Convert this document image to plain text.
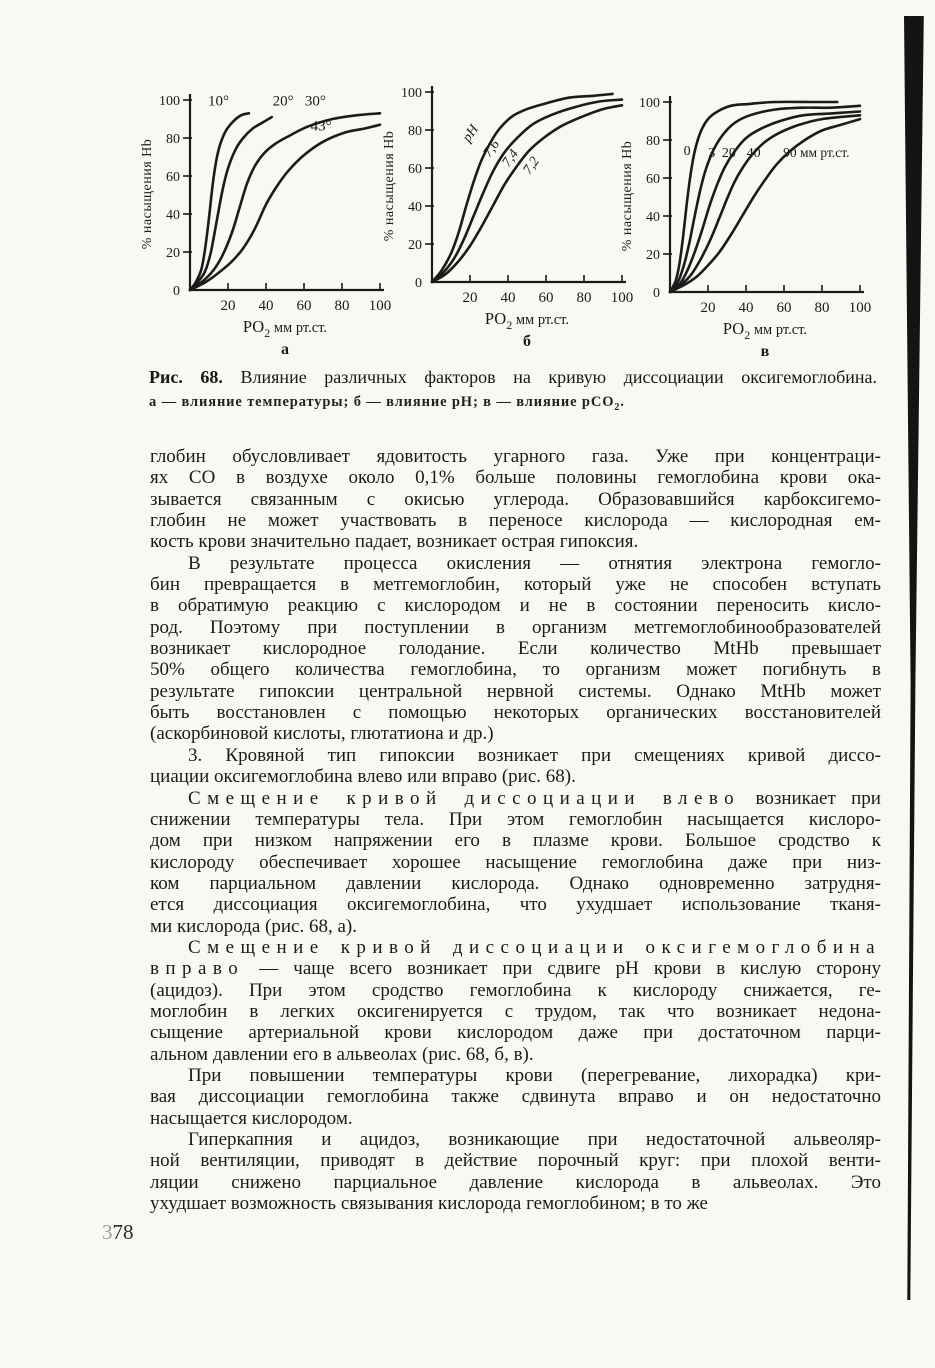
0
20
40
60
80
100
20 40 60 80 100
% насыщения Hb
10°	20° 30°
43°
$РО_2$ мм рт.ст.
а
0
20
40
60
80
100
20 40 60 80 100
% насыщения Hb	pH
7,6
7,4
7,2
$РО_2$ мм рт.ст.
б
0
20
40
60
80
100
20 40 60 80 100
% насыщения Hb	0 3 20 40 90 мм рт.ст.
$РО_2$ мм рт.ст.
в
Рис. 68. Влияние различных факторов на кривую диссоциации оксигемоглобина.
а — влияние температуры; б — влияние pH; в — влияние рСО$_2$.
глобин обусловливает ядовитость угарного газа. Уже при концентраци-
ях СО в воздухе около 0,1% больше половины гемоглобина крови ока-
зывается связанным с окисью углерода. Образовавшийся карбоксигемо-
глобин не может участвовать в переносе кислорода — кислородная ем-
кость крови значительно падает, возникает острая гипоксия.
В результате процесса окисления — отнятия электрона гемогло-
бин превращается в метгемоглобин, который уже не способен вступать
в обратимую реакцию с кислородом и не в состоянии переносить кисло-
род. Поэтому при поступлении в организм метгемоглобинообразователей
возникает кислородное голодание. Если количество MtHb превышает
50% общего количества гемоглобина, то организм может погибнуть в
результате гипоксии центральной нервной системы. Однако MtHb может
быть восстановлен с помощью некоторых органических восстановителей
(аскорбиновой кислоты, глютатиона и др.)
3. Кровяной тип гипоксии возникает при смещениях кривой диссо-
циации оксигемоглобина влево или вправо (рис. 68).
Смещение кривой диссоциации влево возникает при
снижении температуры тела. При этом гемоглобин насыщается кислоро-
дом при низком напряжении его в плазме крови. Большое сродство к
кислороду обеспечивает хорошее насыщение гемоглобина даже при низ-
ком парциальном давлении кислорода. Однако одновременно затрудня-
ется диссоциация оксигемоглобина, что ухудшает использование тканя-
ми кислорода (рис. 68, а).
Смещение кривой диссоциации оксигемоглобина
вправо — чаще всего возникает при сдвиге pH крови в кислую сторону
(ацидоз). При этом сродство гемоглобина к кислороду снижается, ге-
моглобин в легких оксигенируется с трудом, так что возникает недона-
сыщение артериальной крови кислородом даже при достаточном парци-
альном давлении его в альвеолах (рис. 68, б, в).
При повышении температуры крови (перегревание, лихорадка) кри-
вая диссоциации гемоглобина также сдвинута вправо и он недостаточно
насыщается кислородом.
Гиперкапния и ацидоз, возникающие при недостаточной альвеоляр-
ной вентиляции, приводят в действие порочный круг: при плохой венти-
ляции снижено парциальное давление кислорода в альвеолах. Это
ухудшает возможность связывания кислорода гемоглобином; в то же
378
